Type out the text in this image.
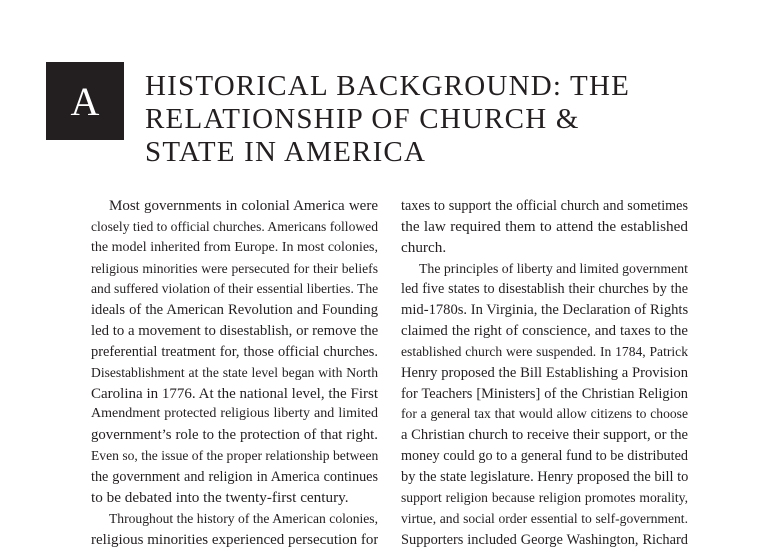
A HISTORICAL BACKGROUND: THE
RELATIONSHIP OF CHURCH &
STATE IN AMERICA
Most governments in colonial America were
closely tied to official churches. Americans followed
the model inherited from Europe. In most colonies,
religious minorities were persecuted for their beliefs
and suffered violation of their essential liberties. The
ideals of the American Revolution and Founding
led to a movement to disestablish, or remove the
preferential treatment for, those official churches.
Disestablishment at the state level began with North
Carolina in 1776. At the national level, the First
Amendment protected religious liberty and limited
government’s role to the protection of that right.
Even so, the issue of the proper relationship between
the government and religion in America continues
to be debated into the twenty-first century.
Throughout the history of the American colonies,
religious minorities experienced persecution for
taxes to support the official church and sometimes
the law required them to attend the established
church.
The principles of liberty and limited government
led five states to disestablish their churches by the
mid-1780s. In Virginia, the Declaration of Rights
claimed the right of conscience, and taxes to the
established church were suspended. In 1784, Patrick
Henry proposed the Bill Establishing a Provision
for Teachers [Ministers] of the Christian Religion
for a general tax that would allow citizens to choose
a Christian church to receive their support, or the
money could go to a general fund to be distributed
by the state legislature. Henry proposed the bill to
support religion because religion promotes morality,
virtue, and social order essential to self-government.
Supporters included George Washington, Richard
